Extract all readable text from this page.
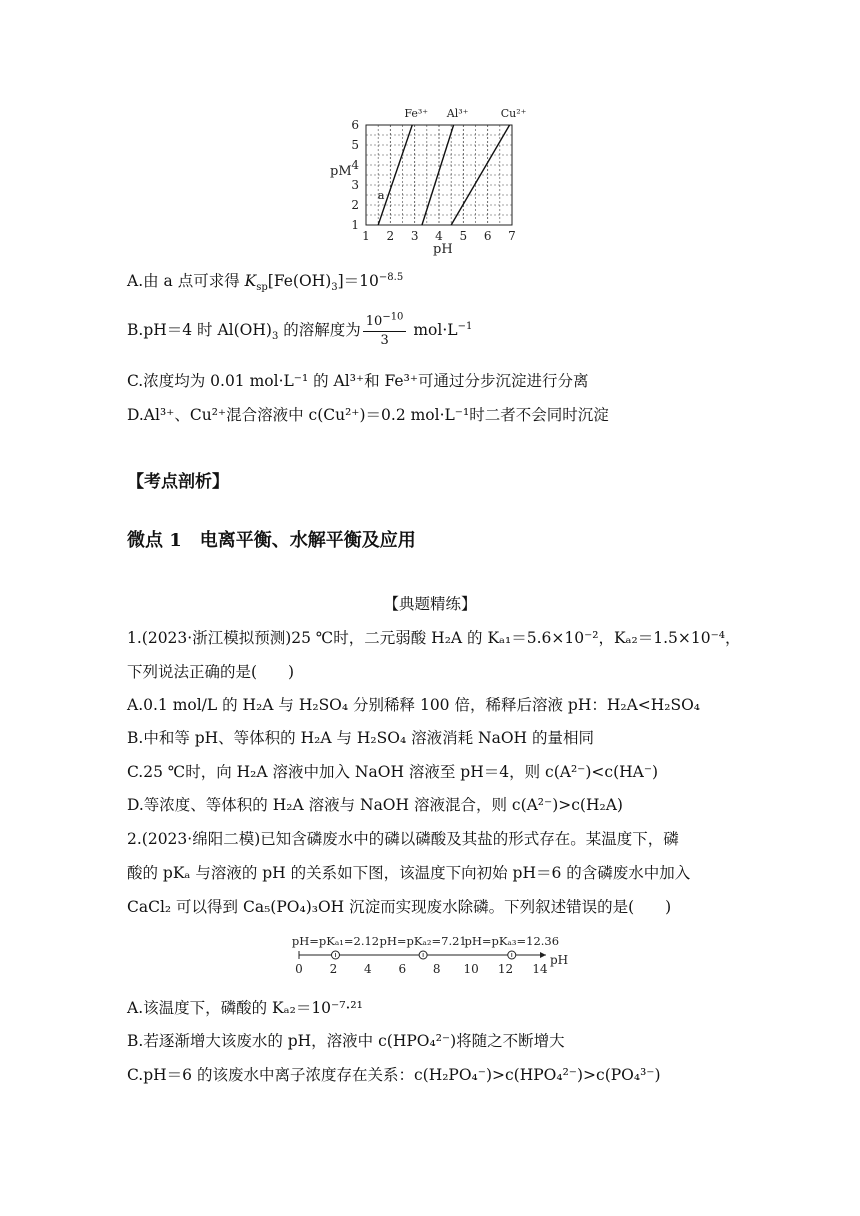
1 2 3 4 5 6 7
1
2
3
4
5
6
Fe³⁺ Al³⁺	Cu²⁺
a
pM
pH
A.由 a 点可求得 $K_{sp}[Fe(OH)_3]=10^{-8.5}$
B.pH＝4 时 $Al(OH)_3$ 的溶解度为 $\frac{10^{-10}}{3} mol\cdot L^{-1}$
C.浓度均为 0.01 mol·L⁻¹ 的 Al³⁺和 Fe³⁺可通过分步沉淀进行分离
D.Al³⁺、Cu²⁺混合溶液中 c(Cu²⁺)＝0.2 mol·L⁻¹时二者不会同时沉淀
【考点剖析】
微点 1　电离平衡、水解平衡及应用
【典题精练】
1.(2023·浙江模拟预测)25 ℃时，二元弱酸 H₂A 的 Kₐ₁＝5.6×10⁻²，Kₐ₂＝1.5×10⁻⁴，
下列说法正确的是(　　)
A.0.1 mol/L 的 H₂A 与 H₂SO₄ 分别稀释 100 倍，稀释后溶液 pH：H₂A<H₂SO₄
B.中和等 pH、等体积的 H₂A 与 H₂SO₄ 溶液消耗 NaOH 的量相同
C.25 ℃时，向 H₂A 溶液中加入 NaOH 溶液至 pH＝4，则 c(A²⁻)<c(HA⁻)
D.等浓度、等体积的 H₂A 溶液与 NaOH 溶液混合，则 c(A²⁻)>c(H₂A)
2.(2023·绵阳二模)已知含磷废水中的磷以磷酸及其盐的形式存在。某温度下，磷
酸的 pKₐ 与溶液的 pH 的关系如下图，该温度下向初始 pH＝6 的含磷废水中加入
CaCl₂ 可以得到 Ca₅(PO₄)₃OH 沉淀而实现废水除磷。下列叙述错误的是(　　)
0 2 4 6 8 10 12 14
pH=pKₐ₁=2.12 pH=pKₐ₂=7.21
pH=pKₐ₃=12.36
pH
A.该温度下，磷酸的 Kₐ₂＝10⁻⁷·²¹
B.若逐渐增大该废水的 pH，溶液中 c(HPO₄²⁻)将随之不断增大
C.pH＝6 的该废水中离子浓度存在关系：c(H₂PO₄⁻)>c(HPO₄²⁻)>c(PO₄³⁻)
